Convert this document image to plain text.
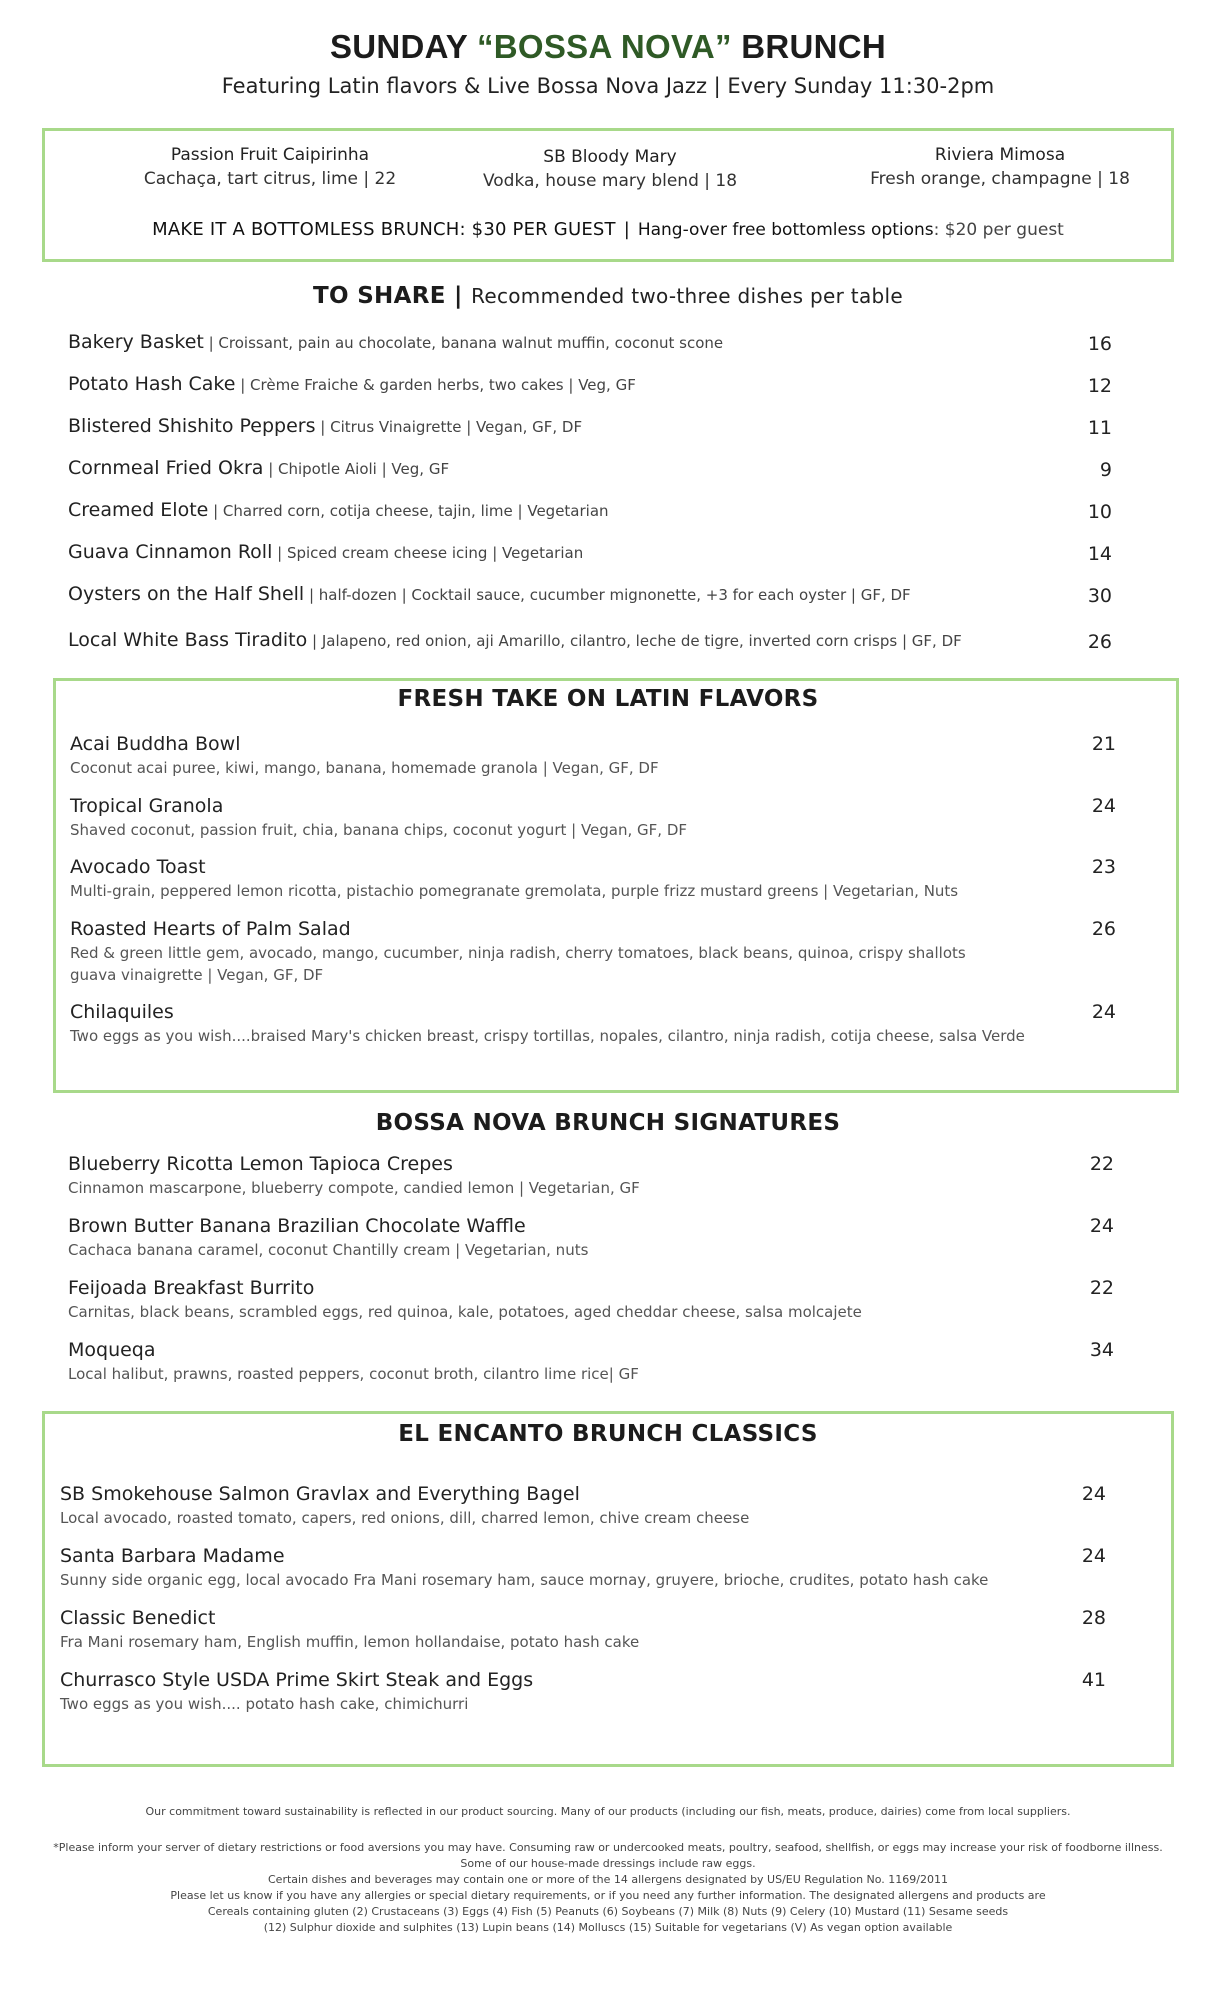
SUNDAY “BOSSA NOVA” BRUNCH
Featuring Latin flavors & Live Bossa Nova Jazz | Every Sunday 11:30-2pm
Passion Fruit Caipirinha
Cachaça, tart citrus, lime | 22
SB Bloody Mary
Vodka, house mary blend | 18
Riviera Mimosa
Fresh orange, champagne | 18
MAKE IT A BOTTOMLESS BRUNCH: $30 PER GUEST | Hang-over free bottomless options: $20 per guest
TO SHARE | Recommended two-three dishes per table
Bakery Basket | Croissant, pain au chocolate, banana walnut muffin, coconut scone	16
Potato Hash Cake | Crème Fraiche & garden herbs, two cakes | Veg, GF	12
Blistered Shishito Peppers | Citrus Vinaigrette | Vegan, GF, DF	11
Cornmeal Fried Okra | Chipotle Aioli | Veg, GF	9
Creamed Elote | Charred corn, cotija cheese, tajin, lime | Vegetarian	10
Guava Cinnamon Roll | Spiced cream cheese icing | Vegetarian	14
Oysters on the Half Shell | half-dozen | Cocktail sauce, cucumber mignonette, +3 for each oyster | GF, DF	30
Local White Bass Tiradito | Jalapeno, red onion, aji Amarillo, cilantro, leche de tigre, inverted corn crisps | GF, DF	26
FRESH TAKE ON LATIN FLAVORS
Acai Buddha Bowl
Coconut acai puree, kiwi, mango, banana, homemade granola | Vegan, GF, DF
21
Tropical Granola
Shaved coconut, passion fruit, chia, banana chips, coconut yogurt | Vegan, GF, DF
24
Avocado Toast
Multi-grain, peppered lemon ricotta, pistachio pomegranate gremolata, purple frizz mustard greens | Vegetarian, Nuts
23
Roasted Hearts of Palm Salad
Red & green little gem, avocado, mango, cucumber, ninja radish, cherry tomatoes, black beans, quinoa, crispy shallots
guava vinaigrette | Vegan, GF, DF
26
Chilaquiles
Two eggs as you wish....braised Mary's chicken breast, crispy tortillas, nopales, cilantro, ninja radish, cotija cheese, salsa Verde
24
BOSSA NOVA BRUNCH SIGNATURES
Blueberry Ricotta Lemon Tapioca Crepes
Cinnamon mascarpone, blueberry compote, candied lemon | Vegetarian, GF
22
Brown Butter Banana Brazilian Chocolate Waffle
Cachaca banana caramel, coconut Chantilly cream | Vegetarian, nuts
24
Feijoada Breakfast Burrito
Carnitas, black beans, scrambled eggs, red quinoa, kale, potatoes, aged cheddar cheese, salsa molcajete
22
Moqueqa
Local halibut, prawns, roasted peppers, coconut broth, cilantro lime rice| GF
34
EL ENCANTO BRUNCH CLASSICS
SB Smokehouse Salmon Gravlax and Everything Bagel
Local avocado, roasted tomato, capers, red onions, dill, charred lemon, chive cream cheese
24
Santa Barbara Madame
Sunny side organic egg, local avocado Fra Mani rosemary ham, sauce mornay, gruyere, brioche, crudites, potato hash cake
24
Classic Benedict
Fra Mani rosemary ham, English muffin, lemon hollandaise, potato hash cake
28
Churrasco Style USDA Prime Skirt Steak and Eggs
Two eggs as you wish.... potato hash cake, chimichurri
41
Our commitment toward sustainability is reflected in our product sourcing. Many of our products (including our fish, meats, produce, dairies) come from local suppliers.
*Please inform your server of dietary restrictions or food aversions you may have. Consuming raw or undercooked meats, poultry, seafood, shellfish, or eggs may increase your risk of foodborne illness.
Some of our house-made dressings include raw eggs.
Certain dishes and beverages may contain one or more of the 14 allergens designated by US/EU Regulation No. 1169/2011
Please let us know if you have any allergies or special dietary requirements, or if you need any further information. The designated allergens and products are
Cereals containing gluten (2) Crustaceans (3) Eggs (4) Fish (5) Peanuts (6) Soybeans (7) Milk (8) Nuts (9) Celery (10) Mustard (11) Sesame seeds
(12) Sulphur dioxide and sulphites (13) Lupin beans (14) Molluscs (15) Suitable for vegetarians (V) As vegan option available
